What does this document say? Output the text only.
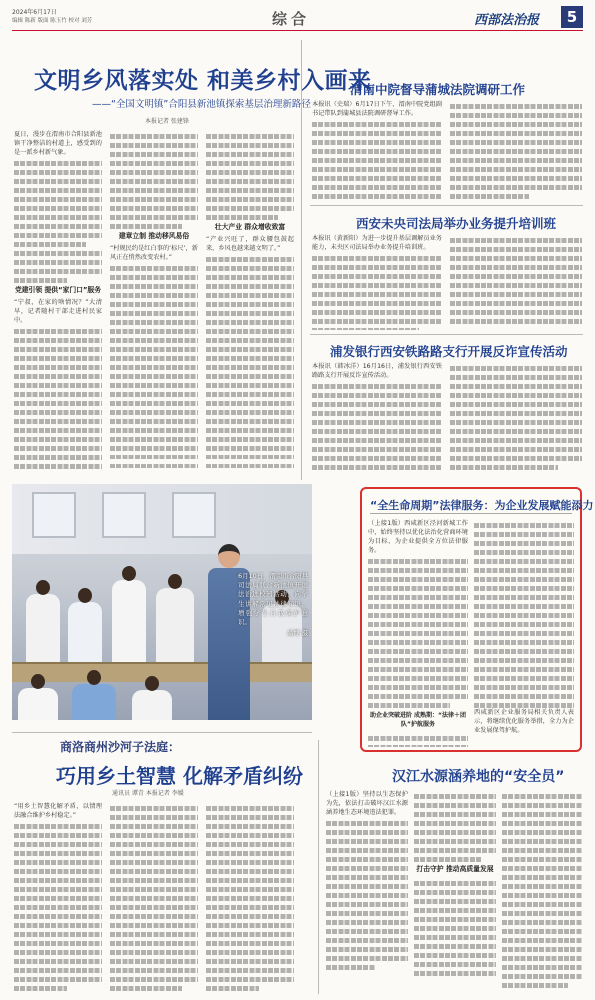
2024年6月17日
编辑 陈新 版面 陈玉竹 校对 刘芳	综合	西部法治报	5
文明乡风落实处 和美乡村入画来
——“全国文明镇”合阳县新池镇探索基层治理新路径
本报记者 张建锋
夏日，漫步在渭南市合阳县新池镇干净整洁的村道上，感受到的是一派乡村新气象。
党建引领 提供“家门口”服务
“宁叔，在家的啥情况？”大清早，记者随村干部走进村民家中。
建章立制 推动移风易俗
“村规民约是红白事的‘标尺’，新风正在悄然改变农村。”
壮大产业 群众增收致富
“产业兴旺了，群众腰包鼓起来，乡风也越来越文明了。”
渭南中院督导蒲城法院调研工作
本报讯（史瑞）6月17日下午，渭南中院党组副书记带队到蒲城县法院调研督导工作。
西安未央司法局举办业务提升培训班
本报讯（黄新阳）为进一步提升基层调解员业务能力，未央区司法局举办业务提升培训班。
浦发银行西安铁路路支行开展反诈宣传活动
本报讯（韩冰洋）16月16日，浦发银行西安铁路路支行开展反诈宣传活动。
6月10日，渭南市合阳县司法局联合新池镇开展法治进校园活动，向学生讲解常见法律知识，增强学生自我保护意识。
高博 摄
“全生命周期”法律服务：为企业发展赋能添力
（上接1版）西咸新区泾河新城工作中，始终坚持以优化法治化营商环境为目标，为企业提供全方位法律服务。
助企业突破进阶 成熟期：“法律＋团队”护航服务
西咸新区企业服务局相关负责人表示，将继续优化服务举措，全力为企业发展保驾护航。
商洛商州沙河子法庭：
巧用乡土智慧 化解矛盾纠纷
通讯员 谭青 本报记者 李媛
“用乡土智慧化解矛盾，以情理法融合维护乡村稳定。”
汉江水源涵养地的“安全员”
（上接1版）坚持以生态保护为先，依法打击破坏汉江水源涵养地生态环境违法犯罪。
打击守护 推动高质量发展
